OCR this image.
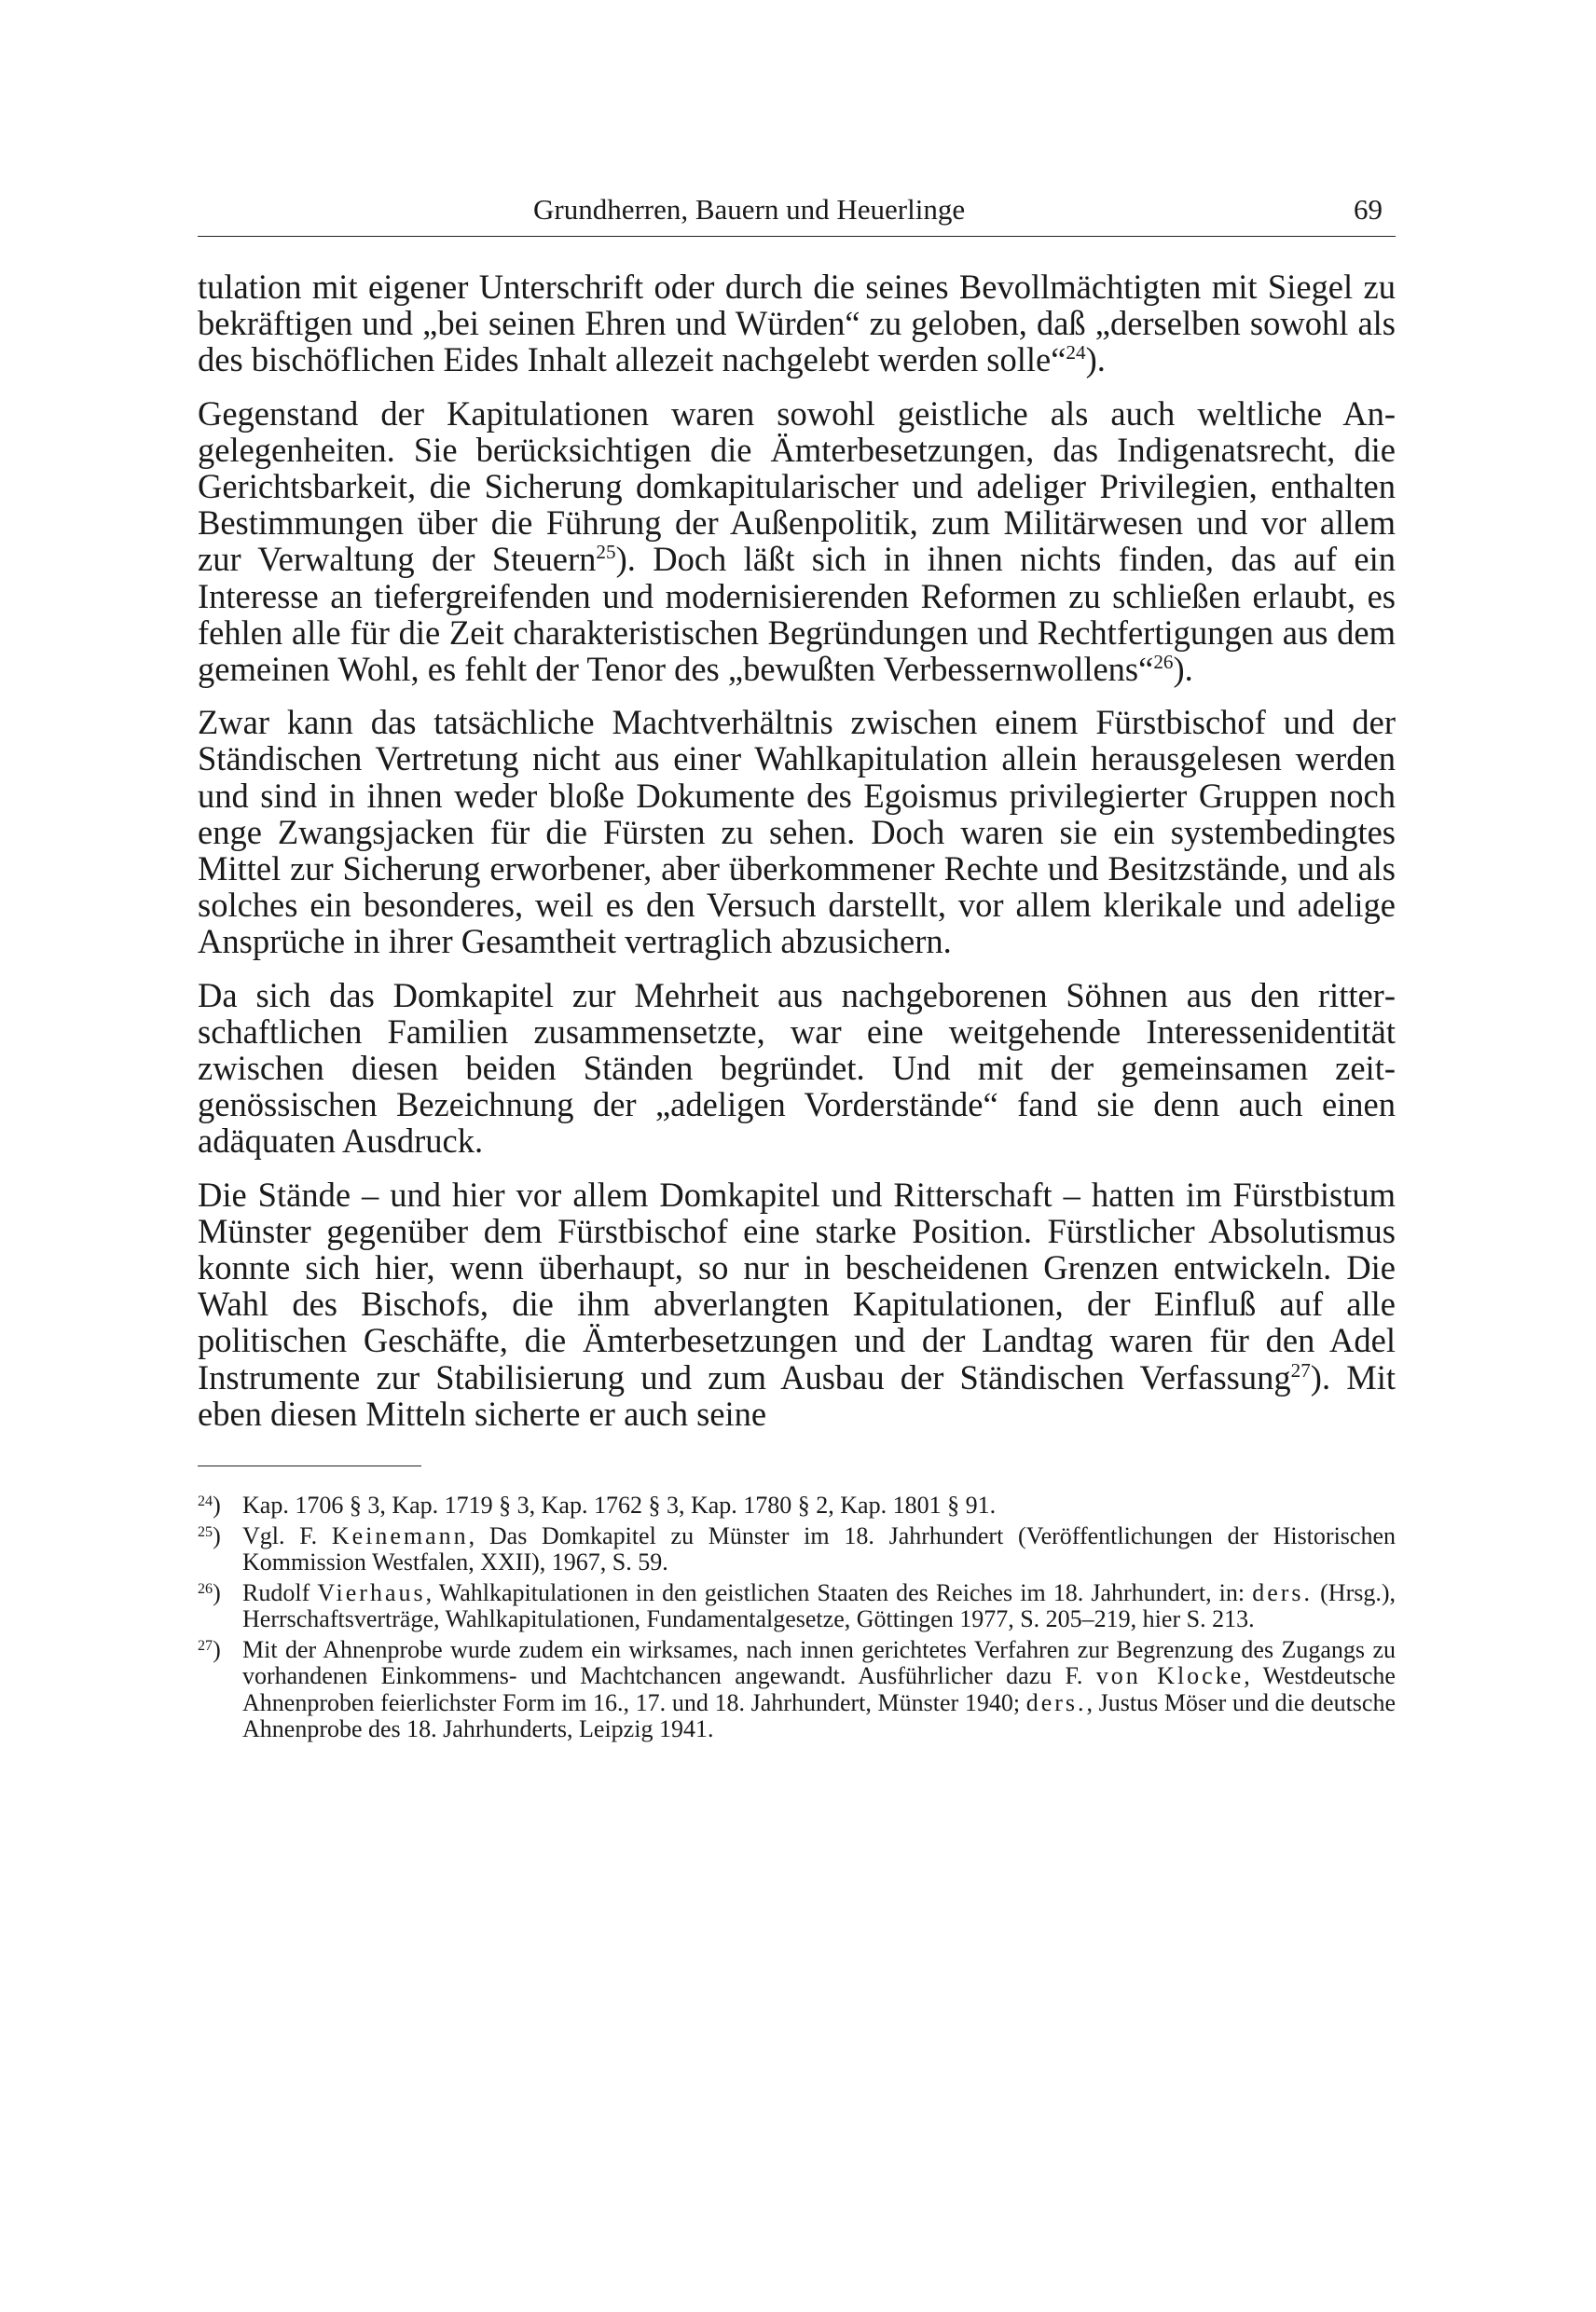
Grundherren, Bauern und Heuerlinge	69

tulation mit eigener Unterschrift oder durch die seines Bevollmächtigten mit Siegel zu bekräftigen und „bei seinen Ehren und Würden“ zu geloben, daß „derselben sowohl als des bischöflichen Eides Inhalt allezeit nachgelebt werden solle“$^{24}$).

Gegenstand der Kapitulationen waren sowohl geistliche als auch weltliche Angelegenheiten. Sie berücksichtigen die Ämterbesetzungen, das Indigenatsrecht, die Gerichtsbarkeit, die Sicherung domkapitularischer und adeliger Privilegien, enthalten Bestimmungen über die Führung der Außenpolitik, zum Militärwesen und vor allem zur Verwaltung der Steuern$^{25}$). Doch läßt sich in ihnen nichts finden, das auf ein Interesse an tiefergreifenden und modernisierenden Reformen zu schließen erlaubt, es fehlen alle für die Zeit charakteristischen Begründungen und Rechtfertigungen aus dem gemeinen Wohl, es fehlt der Tenor des „bewußten Verbessernwollens“$^{26}$).

Zwar kann das tatsächliche Machtverhältnis zwischen einem Fürstbischof und der Ständischen Vertretung nicht aus einer Wahlkapitulation allein herausgelesen werden und sind in ihnen weder bloße Dokumente des Egoismus privilegierter Gruppen noch enge Zwangsjacken für die Fürsten zu sehen. Doch waren sie ein systembedingtes Mittel zur Sicherung erworbener, aber überkommener Rechte und Besitzstände, und als solches ein besonderes, weil es den Versuch darstellt, vor allem klerikale und adelige Ansprüche in ihrer Gesamtheit vertraglich abzusichern.

Da sich das Domkapitel zur Mehrheit aus nachgeborenen Söhnen aus den ritterschaftlichen Familien zusammensetzte, war eine weitgehende Interessenidentität zwischen diesen beiden Ständen begründet. Und mit der gemeinsamen zeitgenössischen Bezeichnung der „adeligen Vorderstände“ fand sie denn auch einen adäquaten Ausdruck.

Die Stände – und hier vor allem Domkapitel und Ritterschaft – hatten im Fürstbistum Münster gegenüber dem Fürstbischof eine starke Position. Fürstlicher Absolutismus konnte sich hier, wenn überhaupt, so nur in bescheidenen Grenzen entwickeln. Die Wahl des Bischofs, die ihm abverlangten Kapitulationen, der Einfluß auf alle politischen Geschäfte, die Ämterbesetzungen und der Landtag waren für den Adel Instrumente zur Stabilisierung und zum Ausbau der Ständischen Verfassung$^{27}$). Mit eben diesen Mitteln sicherte er auch seine

$^{24}$) Kap. 1706 § 3, Kap. 1719 § 3, Kap. 1762 § 3, Kap. 1780 § 2, Kap. 1801 § 91.
$^{25}$) Vgl. F. Keinemann, Das Domkapitel zu Münster im 18. Jahrhundert (Veröffentlichungen der Historischen Kommission Westfalen, XXII), 1967, S. 59.
$^{26}$) Rudolf Vierhaus, Wahlkapitulationen in den geistlichen Staaten des Reiches im 18. Jahrhundert, in: ders. (Hrsg.), Herrschaftsverträge, Wahlkapitulationen, Fundamentalgesetze, Göttingen 1977, S. 205–219, hier S. 213.
$^{27}$) Mit der Ahnenprobe wurde zudem ein wirksames, nach innen gerichtetes Verfahren zur Begrenzung des Zugangs zu vorhandenen Einkommens- und Machtchancen angewandt. Ausführlicher dazu F. von Klocke, Westdeutsche Ahnenproben feierlichster Form im 16., 17. und 18. Jahrhundert, Münster 1940; ders., Justus Möser und die deutsche Ahnenprobe des 18. Jahrhunderts, Leipzig 1941.
